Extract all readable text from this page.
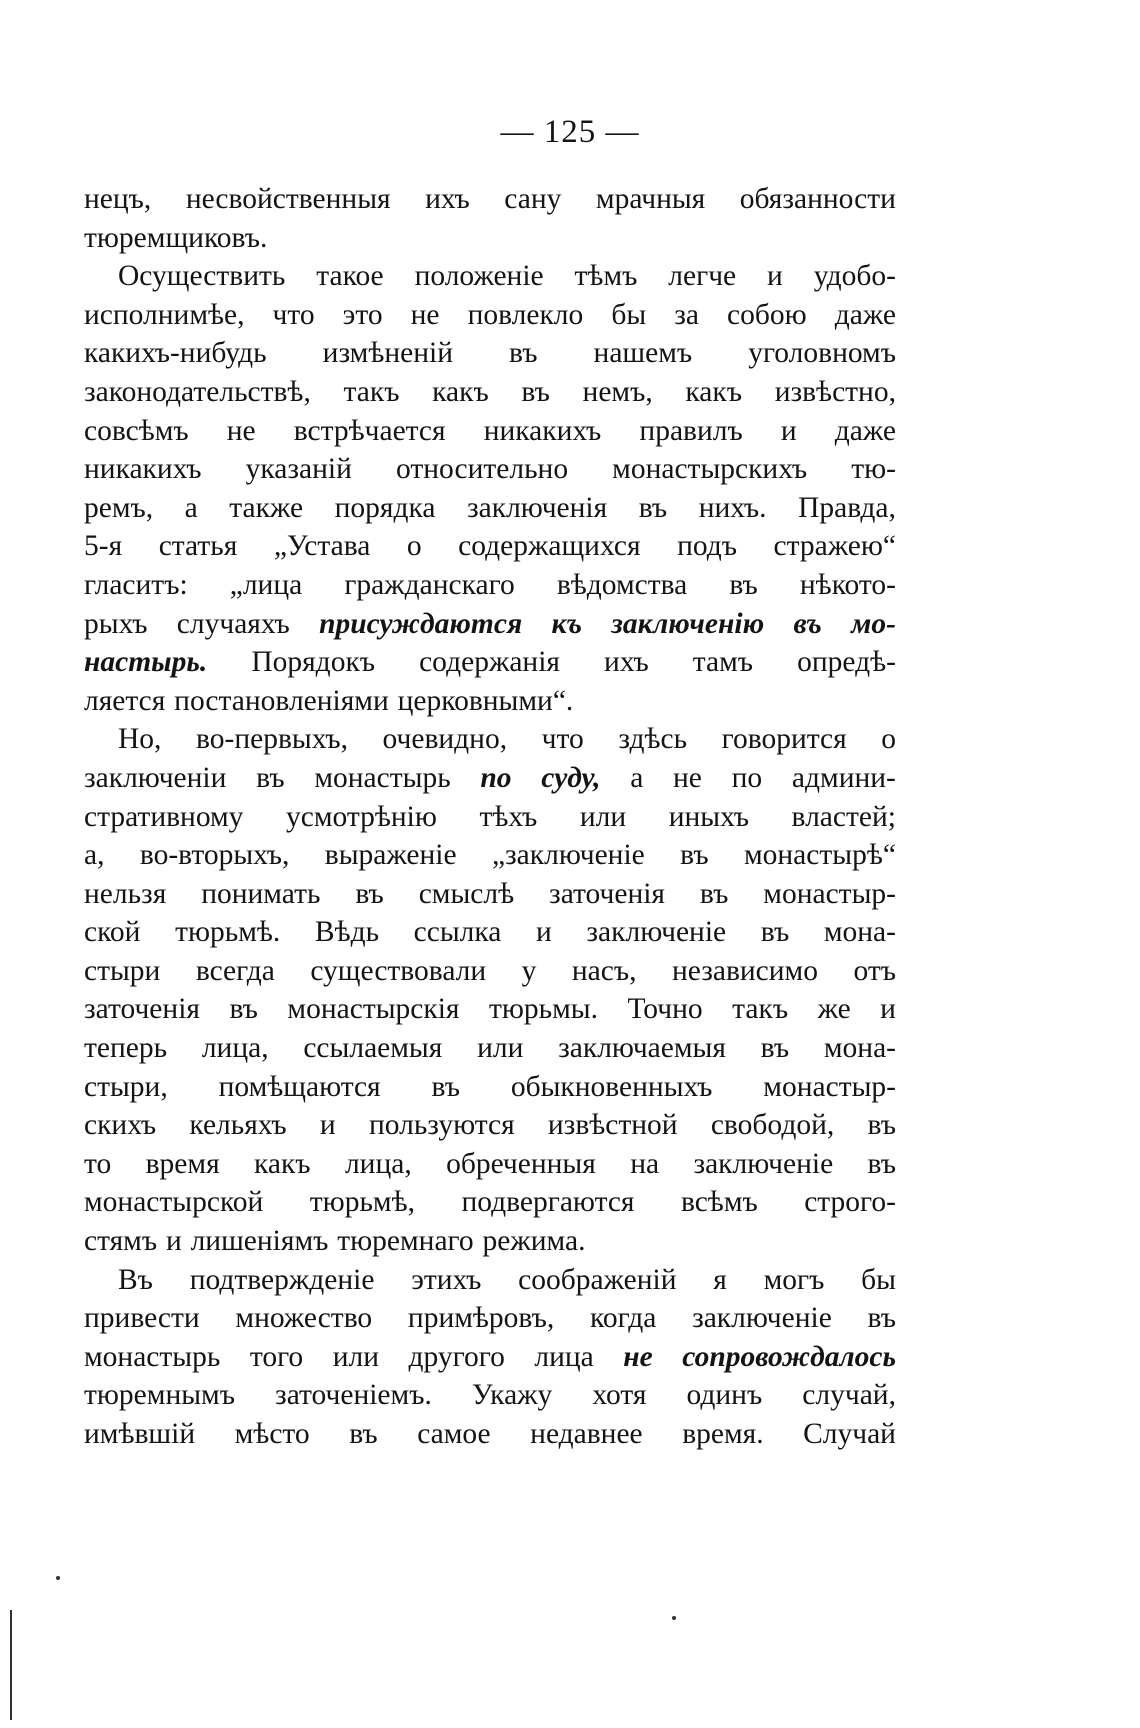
— 125 —
нецъ, несвойственныя ихъ сану мрачныя обязанности
тюремщиковъ.
Осуществить такое положенiе тѣмъ легче и удобо-
исполнимѣе, что это не повлекло бы за собою даже
какихъ-нибудь измѣненiй въ нашемъ уголовномъ
законодательствѣ, такъ какъ въ немъ, какъ извѣстно,
совсѣмъ не встрѣчается никакихъ правилъ и даже
никакихъ указанiй относительно монастырскихъ тю-
ремъ, а также порядка заключенiя въ нихъ. Правда,
5-я статья „Устава о содержащихся подъ стражею“
гласитъ: „лица гражданскаго вѣдомства въ нѣкото-
рыхъ случаяхъ присуждаются къ заключенiю въ мо-
настырь. Порядокъ содержанiя ихъ тамъ опредѣ-
ляется постановленiями церковными“.
Но, во-первыхъ, очевидно, что здѣсь говорится о
заключенiи въ монастырь по суду, а не по админи-
стративному усмотрѣнiю тѣхъ или иныхъ властей;
а, во-вторыхъ, выраженiе „заключенiе въ монастырѣ“
нельзя понимать въ смыслѣ заточенiя въ монастыр-
ской тюрьмѣ. Вѣдь ссылка и заключенiе въ мона-
стыри всегда существовали у насъ, независимо отъ
заточенiя въ монастырскiя тюрьмы. Точно такъ же и
теперь лица, ссылаемыя или заключаемыя въ мона-
стыри, помѣщаются въ обыкновенныхъ монастыр-
скихъ кельяхъ и пользуются извѣстной свободой, въ
то время какъ лица, обреченныя на заключенiе въ
монастырской тюрьмѣ, подвергаются всѣмъ строго-
стямъ и лишенiямъ тюремнаго режима.
Въ подтвержденiе этихъ соображенiй я могъ бы
привести множество примѣровъ, когда заключенiе въ
монастырь того или другого лица не сопровождалось
тюремнымъ заточенiемъ. Укажу хотя одинъ случай,
имѣвшiй мѣсто въ самое недавнее время. Случай
